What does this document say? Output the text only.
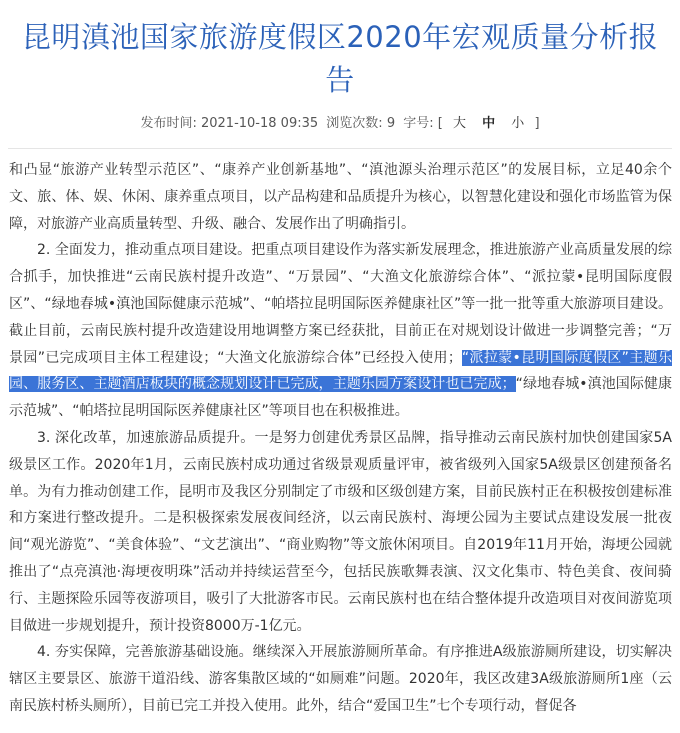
昆明滇池国家旅游度假区2020年宏观质量分析报告
发布时间: 2021-10-18 09:35 浏览次数: 9 字号: [ 大 中 小 ]

和凸显“旅游产业转型示范区”、“康养产业创新基地”、“滇池源头治理示范区”的发展目标，立足40余个文、旅、体、娱、休闲、康养重点项目，以产品构建和品质提升为核心，以智慧化建设和强化市场监管为保障，对旅游产业高质量转型、升级、融合、发展作出了明确指引。

2. 全面发力，推动重点项目建设。把重点项目建设作为落实新发展理念，推进旅游产业高质量发展的综合抓手，加快推进“云南民族村提升改造”、“万景园”、“大渔文化旅游综合体”、“派拉蒙•昆明国际度假区”、“绿地春城•滇池国际健康示范城”、“帕塔拉昆明国际医养健康社区”等一批一批等重大旅游项目建设。截止目前，云南民族村提升改造建设用地调整方案已经获批，目前正在对规划设计做进一步调整完善；“万景园”已完成项目主体工程建设；“大渔文化旅游综合体”已经投入使用；“派拉蒙•昆明国际度假区”主题乐园、服务区、主题酒店板块的概念规划设计已完成，主题乐园方案设计也已完成；“绿地春城•滇池国际健康示范城”、“帕塔拉昆明国际医养健康社区”等项目也在积极推进。

3. 深化改革，加速旅游品质提升。一是努力创建优秀景区品牌，指导推动云南民族村加快创建国家5A级景区工作。2020年1月，云南民族村成功通过省级景观质量评审，被省级列入国家5A级景区创建预备名单。为有力推动创建工作，昆明市及我区分别制定了市级和区级创建方案，目前民族村正在积极按创建标准和方案进行整改提升。二是积极探索发展夜间经济，以云南民族村、海埂公园为主要试点建设发展一批夜间“观光游览”、“美食体验”、“文艺演出”、“商业购物”等文旅休闲项目。自2019年11月开始，海埂公园就推出了“点亮滇池·海埂夜明珠”活动并持续运营至今，包括民族歌舞表演、汉文化集市、特色美食、夜间骑行、主题探险乐园等夜游项目，吸引了大批游客市民。云南民族村也在结合整体提升改造项目对夜间游览项目做进一步规划提升，预计投资8000万-1亿元。

4. 夯实保障，完善旅游基础设施。继续深入开展旅游厕所革命。有序推进A级旅游厕所建设，切实解决辖区主要景区、旅游干道沿线、游客集散区域的“如厕难”问题。2020年，我区改建3A级旅游厕所1座（云南民族村桥头厕所），目前已完工并投入使用。此外，结合“爱国卫生”七个专项行动，督促各
